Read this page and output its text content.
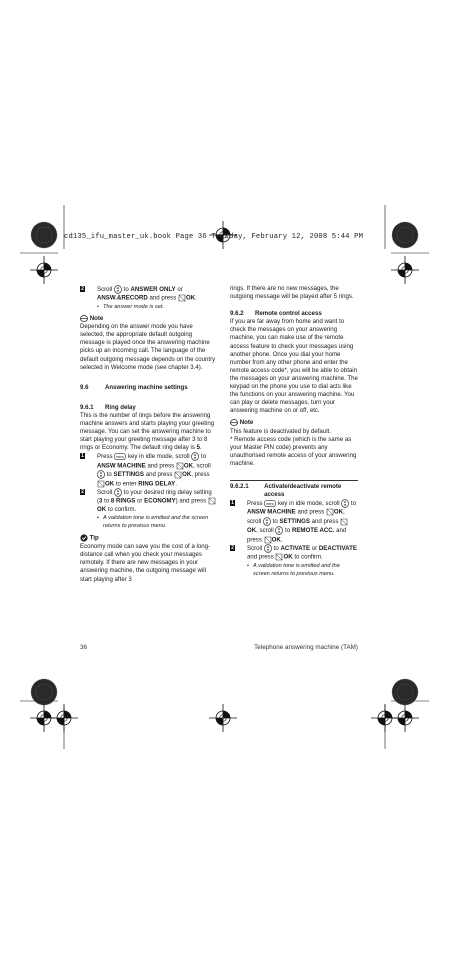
cd135_ifu_master_uk.book Page 36 Tuesday, February 12, 2008 5:44 PM
2 Scroll to ANSWER ONLY or ANSW.&RECORD and press OK.
• The answer mode is set.
Note

Depending on the answer mode you have selected, the appropriate default outgoing message is played once the answering machine picks up an incoming call. The language of the default outgoing message depends on the country selected in Welcome mode (see chapter 3.4).

9.6	Answering machine settings
9.6.1 Ring delay

This is the number of rings before the answering machine answers and starts playing your greeting message. You can set the answering machine to start playing your greeting message after 3 to 8 rings or Economy. The default ring delay is 5.

1 Press menu key in idle mode, scroll to ANSW MACHINE and press OK, scroll  to SETTINGS and press OK, press OK to enter RING DELAY.
2 Scroll to your desired ring delay setting (3 to 8 RINGS or ECONOMY) and press OK to confirm.
• A validation tone is emitted and the screen returns to previous menu.
Tip

Economy mode can save you the cost of a long-distance call when you check your messages remotely. If there are new messages in your answering machine, the outgoing message will start playing after 3

rings. If there are no new messages, the outgoing message will be played after 5 rings.

9.6.2 Remote control access

If you are far away from home and want to check the messages on your answering machine, you can make use of the remote access feature to check your messages using another phone. Once you dial your home number from any other phone and enter the remote access code*, you will be able to obtain the messages on your answering machine. The keypad on the phone you use to dial acts like the functions on your answering machine. You can play or delete messages, turn your answering machine on or off, etc.

Note

This feature is deactivated by default.

* Remote access code (which is the same as your Master PIN code) prevents any unauthorised remote access of your answering machine.

9.6.2.1	Activate/deactivate remote access
1 Press menu key in idle mode, scroll to ANSW MACHINE and press OK, scroll to SETTINGS and press OK, scroll to REMOTE ACC. and press OK.
2 Scroll to ACTIVATE or DEACTIVATE and press OK to confirm.
• A validation tone is emitted and the screen returns to previous menu.
36	Telephone answering machine (TAM)
